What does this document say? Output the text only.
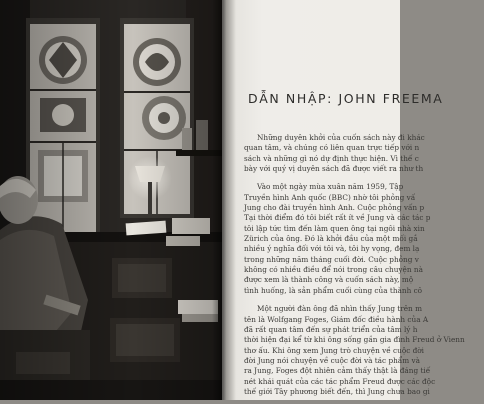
DẪN NHẬP: JOHN FREEMA
Những duyên khởi của cuốn sách này đi khác
quan tâm, và chúng có liên quan trực tiếp với n
sách và những gì nó dự định thực hiện. Vì thế c
bày với quý vị duyên sách đã được viết ra như th
Vào một ngày mùa xuân năm 1959, Tập
Truyền hình Anh quốc (BBC) nhờ tôi phỏng vấ
Jung cho đài truyền hình Anh. Cuộc phỏng vấn p
Tại thời điểm đó tôi biết rất ít về Jung và các tác p
tôi lập tức tìm đến làm quen ông tại ngôi nhà xin
Zürich của ông. Đó là khởi đầu của một mối gắ
nhiều ý nghĩa đối với tôi và, tôi hy vọng, đem lạ
trong những năm tháng cuối đời. Cuộc phỏng v
không có nhiều điều để nói trong câu chuyện nà
được xem là thành công và cuốn sách này, mộ
tình huống, là sản phẩm cuối cùng của thành cô
Một người đàn ông đã nhìn thấy Jung trên m
tên là Wolfgang Foges, Giám đốc điều hành của A
đã rất quan tâm đến sự phát triển của tâm lý h
thời hiện đại kể từ khi ông sống gần gia đình Freud ở Vienn
thơ ấu. Khi ông xem Jung trò chuyện về cuộc đời
đời Jung nói chuyện về cuộc đời và tác phẩm và
ra Jung, Foges đột nhiên cảm thấy thật là đáng tiế
nét khái quát của các tác phẩm Freud được các độc
thế giới Tây phương biết đến, thì Jung chưa bao gi
